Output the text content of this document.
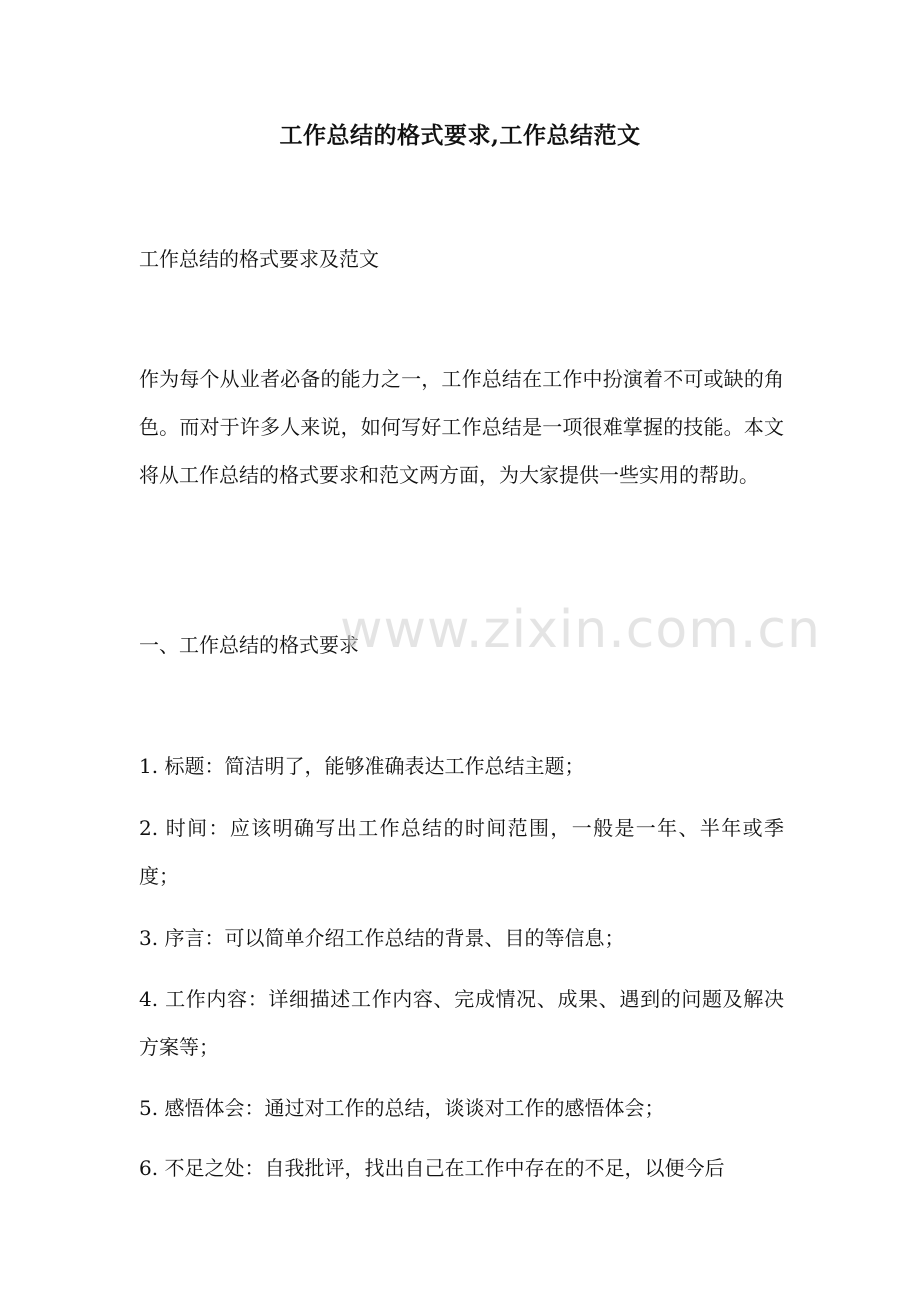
工作总结的格式要求,工作总结范文
工作总结的格式要求及范文
作为每个从业者必备的能力之一，工作总结在工作中扮演着不可或缺的角色。而对于许多人来说，如何写好工作总结是一项很难掌握的技能。本文将从工作总结的格式要求和范文两方面，为大家提供一些实用的帮助。
一、工作总结的格式要求
1. 标题：简洁明了，能够准确表达工作总结主题；
2. 时间：应该明确写出工作总结的时间范围，一般是一年、半年或季度；
3. 序言：可以简单介绍工作总结的背景、目的等信息；
4. 工作内容：详细描述工作内容、完成情况、成果、遇到的问题及解决方案等；
5. 感悟体会：通过对工作的总结，谈谈对工作的感悟体会；
6. 不足之处：自我批评，找出自己在工作中存在的不足，以便今后
www.zixin.com.cn
